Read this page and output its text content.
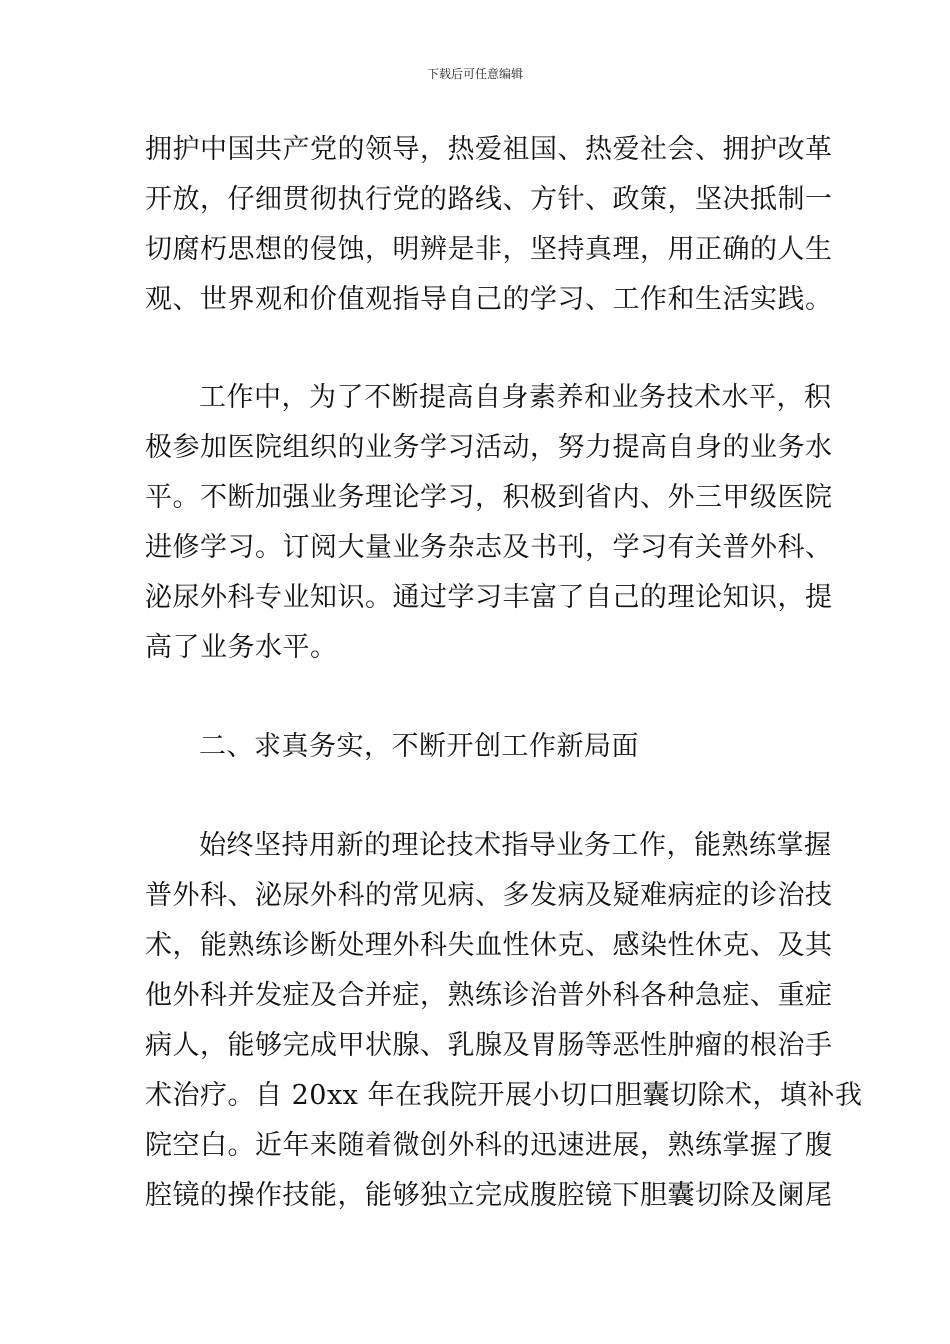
下载后可任意编辑
拥护中国共产党的领导，热爱祖国、热爱社会、拥护改革
开放，仔细贯彻执行党的路线、方针、政策，坚决抵制一
切腐朽思想的侵蚀，明辨是非，坚持真理，用正确的人生
观、世界观和价值观指导自己的学习、工作和生活实践。
工作中，为了不断提高自身素养和业务技术水平，积
极参加医院组织的业务学习活动，努力提高自身的业务水
平。不断加强业务理论学习，积极到省内、外三甲级医院
进修学习。订阅大量业务杂志及书刊，学习有关普外科、
泌尿外科专业知识。通过学习丰富了自己的理论知识，提
高了业务水平。
二、求真务实，不断开创工作新局面
始终坚持用新的理论技术指导业务工作，能熟练掌握
普外科、泌尿外科的常见病、多发病及疑难病症的诊治技
术，能熟练诊断处理外科失血性休克、感染性休克、及其
他外科并发症及合并症，熟练诊治普外科各种急症、重症
病人，能够完成甲状腺、乳腺及胃肠等恶性肿瘤的根治手
术治疗。自 20xx 年在我院开展小切口胆囊切除术，填补我
院空白。近年来随着微创外科的迅速进展，熟练掌握了腹
腔镜的操作技能，能够独立完成腹腔镜下胆囊切除及阑尾
